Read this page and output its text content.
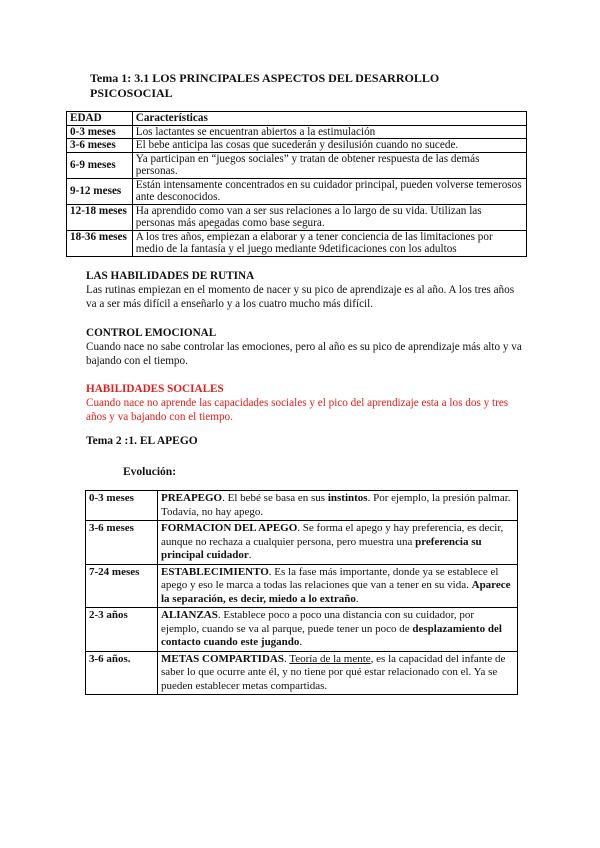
Tema 1: 3.1 LOS PRINCIPALES ASPECTOS DEL DESARROLLO PSICOSOCIAL
EDAD	Características
0-3 meses	Los lactantes se encuentran abiertos a la estimulación
3-6 meses	El bebe anticipa las cosas que sucederán y desilusión cuando no sucede.
6-9 meses	Ya participan en “juegos sociales” y tratan de obtener respuesta de las demás personas.
9-12 meses	Están intensamente concentrados en su cuidador principal, pueden volverse temerosos ante desconocidos.
12-18 meses	Ha aprendido como van a ser sus relaciones a lo largo de su vida. Utilizan las personas más apegadas como base segura.
18-36 meses	A los tres años, empiezan a elaborar y a tener conciencia de las limitaciones por medio de la fantasía y el juego mediante 9detificaciones con los adultos
LAS HABILIDADES DE RUTINA
Las rutinas empiezan en el momento de nacer y su pico de aprendizaje es al año. A los tres años va a ser más difícil a enseñarlo y a los cuatro mucho más difícil.
CONTROL EMOCIONAL
Cuando nace no sabe controlar las emociones, pero al año es su pico de aprendizaje más alto y va bajando con el tiempo.
HABILIDADES SOCIALES
Cuando nace no aprende las capacidades sociales y el pico del aprendizaje esta a los dos y tres años y va bajando con el tiempo.
Tema 2 :1. EL APEGO
Evolución:
0-3 meses	PREAPEGO. El bebé se basa en sus instintos. Por ejemplo, la presión palmar. Todavía, no hay apego.
3-6 meses	FORMACION DEL APEGO. Se forma el apego y hay preferencia, es decir, aunque no rechaza a cualquier persona, pero muestra una preferencia su principal cuidador.
7-24 meses	ESTABLECIMIENTO. Es la fase más importante, donde ya se establece el apego y eso le marca a todas las relaciones que van a tener en su vida. Aparece la separación, es decir, miedo a lo extraño.
2-3 años	ALIANZAS. Establece poco a poco una distancia con su cuidador, por ejemplo, cuando se va al parque, puede tener un poco de desplazamiento del contacto cuando este jugando.
3-6 años.	METAS COMPARTIDAS. Teoría de la mente, es la capacidad del infante de saber lo que ocurre ante él, y no tiene por qué estar relacionado con el. Ya se pueden establecer metas compartidas.
